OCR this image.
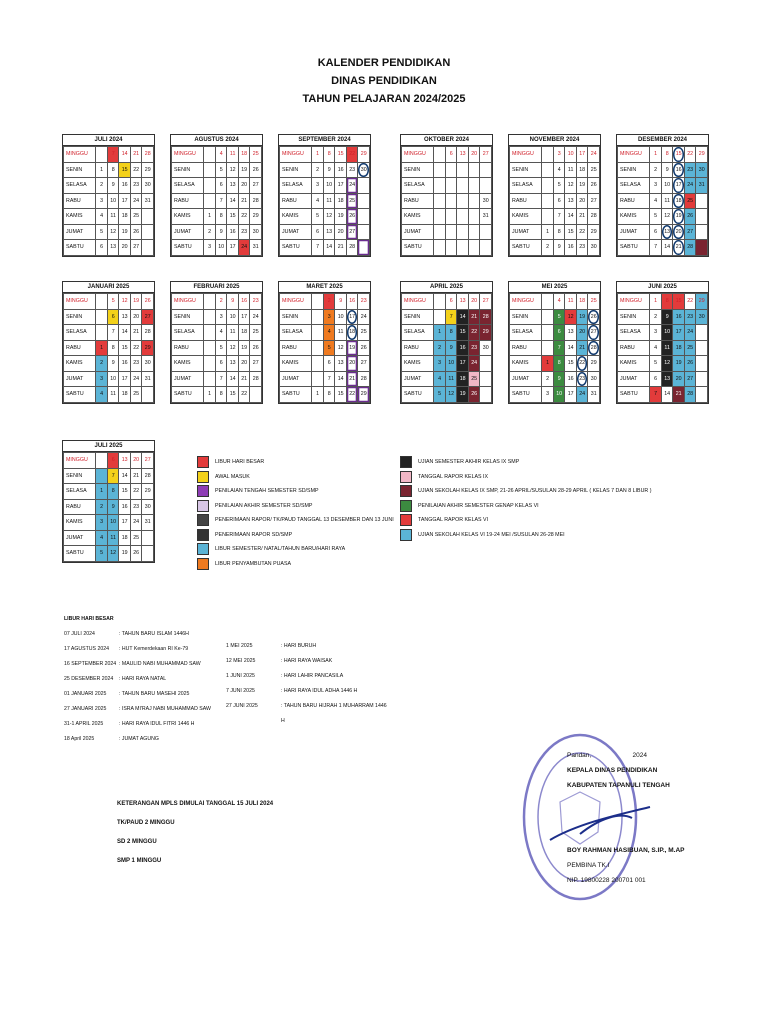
KALENDER PENDIDIKAN
DINAS PENDIDIKAN
TAHUN PELAJARAN 2024/2025
JULI 2024
MINGGU		7	14	21	28
SENIN	1	8	15	22	29
SELASA	2	9	16	23	30
RABU	3	10	17	24	31
KAMIS	4	11	18	25	
JUMAT	5	12	19	26	
SABTU	6	13	20	27	
AGUSTUS 2024
MINGGU		4	11	18	25
SENIN		5	12	19	26
SELASA		6	13	20	27
RABU		7	14	21	28
KAMIS	1	8	15	22	29
JUMAT	2	9	16	23	30
SABTU	3	10	17	24	31
SEPTEMBER 2024
MINGGU	1	8	15	22	29
SENIN	2	9	16	23	30
SELASA	3	10	17	24	
RABU	4	11	18	25	
KAMIS	5	12	19	26	
JUMAT	6	13	20	27	
SABTU	7	14	21	28	
OKTOBER 2024
MINGGU		6	13	20	27
SENIN					
SELASA					
RABU					30
KAMIS					31
JUMAT					
SABTU					
NOVEMBER 2024
MINGGU		3	10	17	24
SENIN		4	11	18	25
SELASA		5	12	19	26
RABU		6	13	20	27
KAMIS		7	14	21	28
JUMAT	1	8	15	22	29
SABTU	2	9	16	23	30
DESEMBER 2024
MINGGU	1	8	15	22	29
SENIN	2	9	16	23	30
SELASA	3	10	17	24	31
RABU	4	11	18	25	
KAMIS	5	12	19	26	
JUMAT	6	13	20	27	
SABTU	7	14	21	28	
JANUARI 2025
MINGGU		5	12	19	26
SENIN		6	13	20	27
SELASA		7	14	21	28
RABU	1	8	15	22	29
KAMIS	2	9	16	23	30
JUMAT	3	10	17	24	31
SABTU	4	11	18	25	
FEBRUARI 2025
MINGGU		2	9	16	23
SENIN		3	10	17	24
SELASA		4	11	18	25
RABU		5	12	19	26
KAMIS		6	13	20	27
JUMAT		7	14	21	28
SABTU	1	8	15	22	
MARET 2025
MINGGU		2	9	16	23
SENIN		3	10	17	24
SELASA		4	11	18	25
RABU		5	12	19	26
KAMIS		6	13	20	27
JUMAT		7	14	21	28
SABTU	1	8	15	22	29
APRIL 2025
MINGGU		6	13	20	27
SENIN		7	14	21	28
SELASA	1	8	15	22	29
RABU	2	9	16	23	30
KAMIS	3	10	17	24	
JUMAT	4	11	18	25	
SABTU	5	12	19	26	
MEI 2025
MINGGU		4	11	18	25
SENIN		5	12	19	26
SELASA		6	13	20	27
RABU		7	14	21	28
KAMIS	1	8	15	22	29
JUMAT	2	9	16	23	30
SABTU	3	10	17	24	31
JUNI 2025
MINGGU	1	8	15	22	29
SENIN	2	9	16	23	30
SELASA	3	10	17	24	
RABU	4	11	18	25	
KAMIS	5	12	19	26	
JUMAT	6	13	20	27	
SABTU	7	14	21	28	
JULI 2025
MINGGU		6	13	20	27
SENIN		7	14	21	28
SELASA	1	8	15	22	29
RABU	2	9	16	23	30
KAMIS	3	10	17	24	31
JUMAT	4	11	18	25	
SABTU	5	12	19	26	
LIBUR HARI BESAR
AWAL MASUK
PENILAIAN TENGAH SEMESTER SD/SMP
PENILAIAN AKHIR SEMESTER SD/SMP
PENERIMAAN RAPOR/ TK/PAUD TANGGAL 13 DESEMBER DAN 13 JUNI
PENERIMAAN RAPOR SD/SMP
LIBUR SEMESTER/ NATAL/TAHUN BARU/HARI RAYA
LIBUR PENYAMBUTAN PUASA
UJIAN SEMESTER AKHIR KELAS IX SMP
TANGGAL RAPOR KELAS IX
UJIAN SEKOLAH KELAS IX SMP, 21-26 APRIL/SUSULAN 28-29 APRIL ( KELAS 7 DAN 8 LIBUR )
PENILAIAN AKHIR SEMESTER GENAP KELAS VI
TANGGAL RAPOR KELAS VI
UJIAN SEKOLAH KELAS VI 19-24 MEI /SUSULAN 26-28 MEI
LIBUR HARI BESAR
07 JULI 2024	: TAHUN BARU ISLAM 1446H
17 AGUSTUS 2024	: HUT Kemerdekaan RI Ke-79
16 SEPTEMBER 2024 : MAULID NABI MUHAMMAD SAW
25 DESEMBER 2024	: HARI RAYA NATAL
01 JANUARI 2025	: TAHUN BARU MASEHI 2025
27 JANUARI 2025	: ISRA MI'RAJ NABI MUHAMMAD SAW
31-1 APRIL 2025	: HARI RAYA IDUL FITRI 1446 H
18 April 2025	: JUMAT AGUNG
1 MEI 2025	: HARI BURUH
12 MEI 2025	: HARI RAYA WAISAK
1 JUNI 2025	: HARI LAHIR PANCASILA
7 JUNI 2025	: HARI RAYA IDUL ADHA 1446 H
27 JUNI 2025	: TAHUN BARU HIJRAH 1 MUHARRAM 1446 H
KETERANGAN MPLS DIMULAI TANGGAL 15 JULI 2024
TK/PAUD 2 MINGGU
SD 2 MINGGU
SMP 1 MINGGU
Pandan,	2024
KEPALA DINAS PENDIDIKAN
KABUPATEN TAPANULI TENGAH
BOY RAHMAN HASIBUAN, S.IP., M.AP
PEMBINA TK.I
NIP. 19800228 200701 001
